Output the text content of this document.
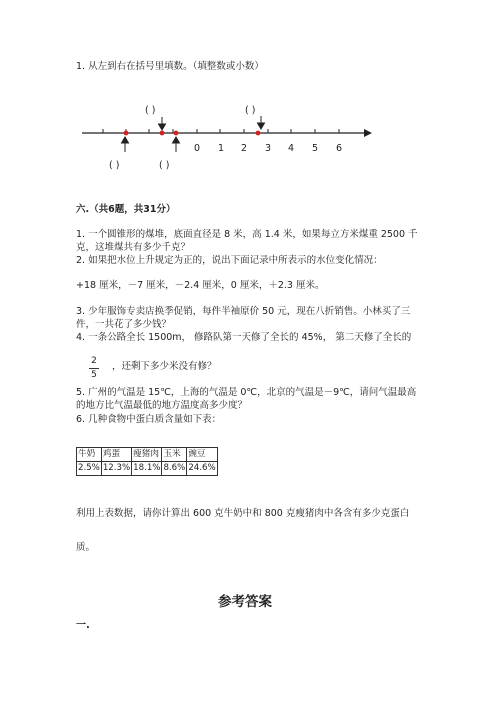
1. 从左到右在括号里填数。（填整数或小数）
0 1 2 3 4 5 6
( )	( )
( )	( )
六.（共6题，共31分）
1. 一个圆锥形的煤堆，底面直径是 8 米，高 1.4 米，如果每立方米煤重 2500 千
克，这堆煤共有多少千克？
2. 如果把水位上升规定为正的，说出下面记录中所表示的水位变化情况：
+18 厘米，－7 厘米，－2.4 厘米，0 厘米，＋2.3 厘米。
3. 少年服饰专卖店换季促销，每件半袖原价 50 元，现在八折销售。小林买了三
件，一共花了多少钱？
4. 一条公路全长 1500m， 修路队第一天修了全长的 45%， 第二天修了全长的
2
5
，还剩下多少米没有修？
5. 广州的气温是 15℃，上海的气温是 0℃，北京的气温是－9℃，请问气温最高
的地方比气温最低的地方温度高多少度？
6. 几种食物中蛋白质含量如下表：
牛奶	鸡蛋	瘦猪肉	玉米	豌豆
2.5%	12.3%	18.1%	8.6%	24.6%
利用上表数据，请你计算出 600 克牛奶中和 800 克瘦猪肉中各含有多少克蛋白
质。
参考答案
一.
